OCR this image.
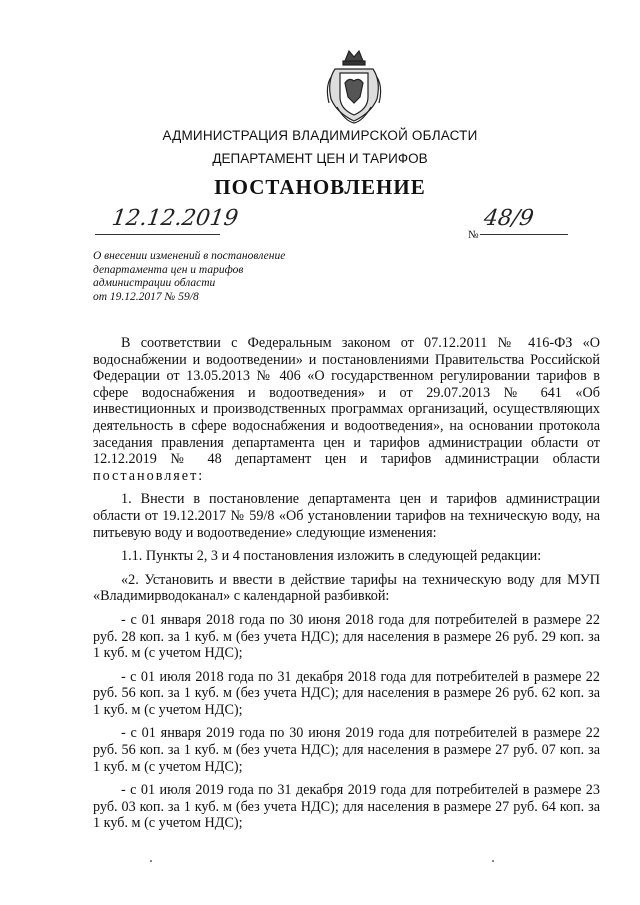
АДМИНИСТРАЦИЯ ВЛАДИМИРСКОЙ ОБЛАСТИ
ДЕПАРТАМЕНТ ЦЕН И ТАРИФОВ
ПОСТАНОВЛЕНИЕ
12.12.2019
№
48/9
О внесении изменений в постановление
департамента цен и тарифов
администрации области
от 19.12.2017 № 59/8

В соответствии с Федеральным законом от 07.12.2011 № 416-ФЗ «О водоснабжении и водоотведении» и постановлениями Правительства Российской Федерации от 13.05.2013 № 406 «О государственном регулировании тарифов в сфере водоснабжения и водоотведения» и от 29.07.2013 № 641 «Об инвестиционных и производственных программах организаций, осуществляющих деятельность в сфере водоснабжения и водоотведения», на основании протокола заседания правления департамента цен и тарифов администрации области от 12.12.2019 № 48 департамент цен и тарифов администрации области постановляет:

1. Внести в постановление департамента цен и тарифов администрации области от 19.12.2017 № 59/8 «Об установлении тарифов на техническую воду, на питьевую воду и водоотведение» следующие изменения:

1.1. Пункты 2, 3 и 4 постановления изложить в следующей редакции:

«2. Установить и ввести в действие тарифы на техническую воду для МУП «Владимирводоканал» с календарной разбивкой:

- с 01 января 2018 года по 30 июня 2018 года для потребителей в размере 22 руб. 28 коп. за 1 куб. м (без учета НДС); для населения в размере 26 руб. 29 коп. за 1 куб. м (с учетом НДС);

- с 01 июля 2018 года по 31 декабря 2018 года для потребителей в размере 22 руб. 56 коп. за 1 куб. м (без учета НДС); для населения в размере 26 руб. 62 коп. за 1 куб. м (с учетом НДС);

- с 01 января 2019 года по 30 июня 2019 года для потребителей в размере 22 руб. 56 коп. за 1 куб. м (без учета НДС); для населения в размере 27 руб. 07 коп. за 1 куб. м (с учетом НДС);

- с 01 июля 2019 года по 31 декабря 2019 года для потребителей в размере 23 руб. 03 коп. за 1 куб. м (без учета НДС); для населения в размере 27 руб. 64 коп. за 1 куб. м (с учетом НДС);
